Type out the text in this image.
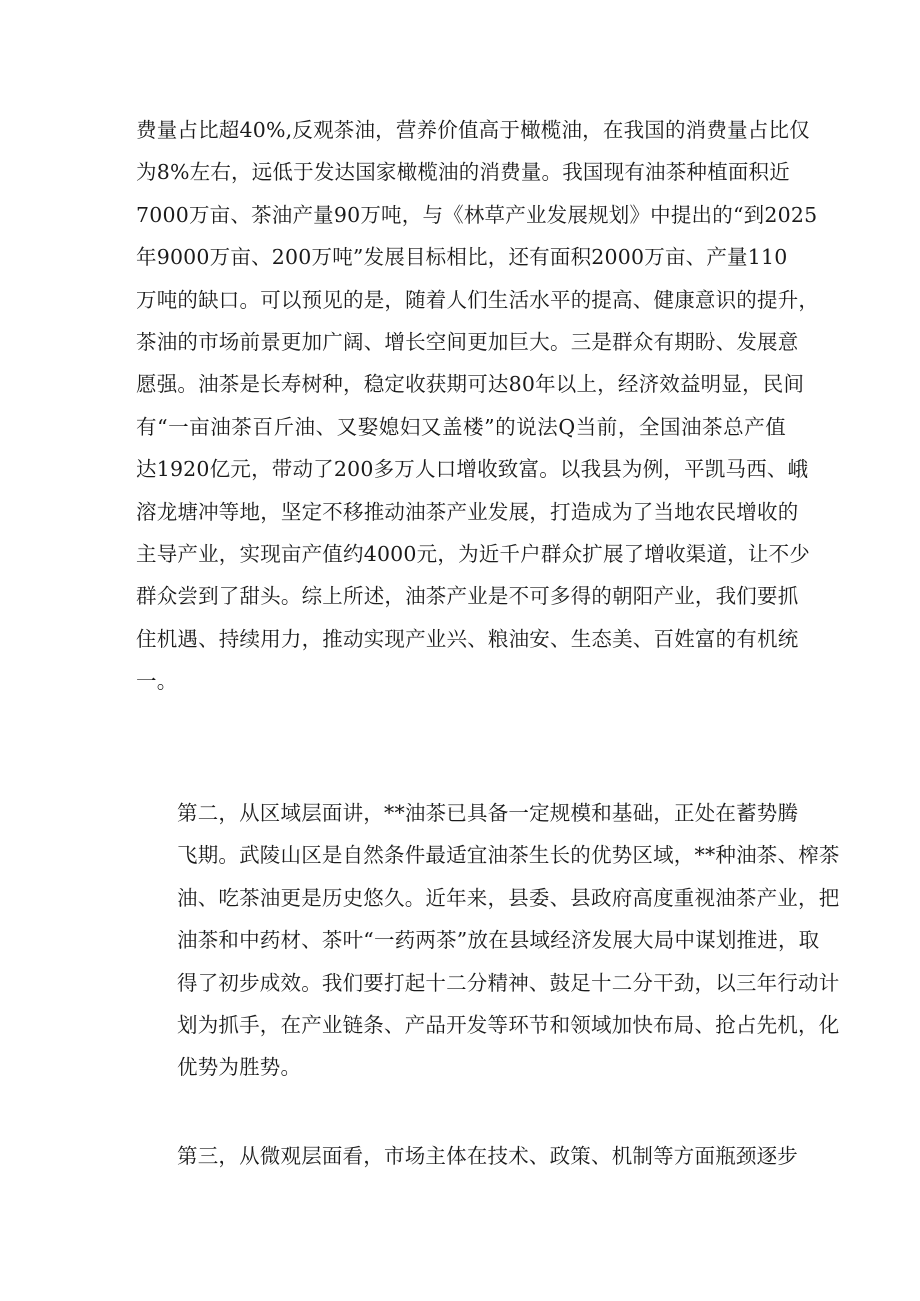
费量占比超40%,反观茶油，营养价值高于橄榄油，在我国的消费量占比仅
为8%左右，远低于发达国家橄榄油的消费量。我国现有油茶种植面积近
7000万亩、茶油产量90万吨，与《林草产业发展规划》中提出的“到2025
年9000万亩、200万吨”发展目标相比，还有面积2000万亩、产量110
万吨的缺口。可以预见的是，随着人们生活水平的提高、健康意识的提升，
茶油的市场前景更加广阔、增长空间更加巨大。三是群众有期盼、发展意
愿强。油茶是长寿树种，稳定收获期可达80年以上，经济效益明显，民间
有“一亩油茶百斤油、又娶媳妇又盖楼”的说法Q当前，全国油茶总产值
达1920亿元，带动了200多万人口增收致富。以我县为例，平凯马西、峨
溶龙塘冲等地，坚定不移推动油茶产业发展，打造成为了当地农民增收的
主导产业，实现亩产值约4000元，为近千户群众扩展了增收渠道，让不少
群众尝到了甜头。综上所述，油茶产业是不可多得的朝阳产业，我们要抓
住机遇、持续用力，推动实现产业兴、粮油安、生态美、百姓富的有机统
一。
第二，从区域层面讲，**油茶已具备一定规模和基础，正处在蓄势腾
飞期。武陵山区是自然条件最适宜油茶生长的优势区域，**种油茶、榨茶
油、吃茶油更是历史悠久。近年来，县委、县政府高度重视油茶产业，把
油茶和中药材、茶叶“一药两茶”放在县域经济发展大局中谋划推进，取
得了初步成效。我们要打起十二分精神、鼓足十二分干劲，以三年行动计
划为抓手，在产业链条、产品开发等环节和领域加快布局、抢占先机，化
优势为胜势。
第三，从微观层面看，市场主体在技术、政策、机制等方面瓶颈逐步
